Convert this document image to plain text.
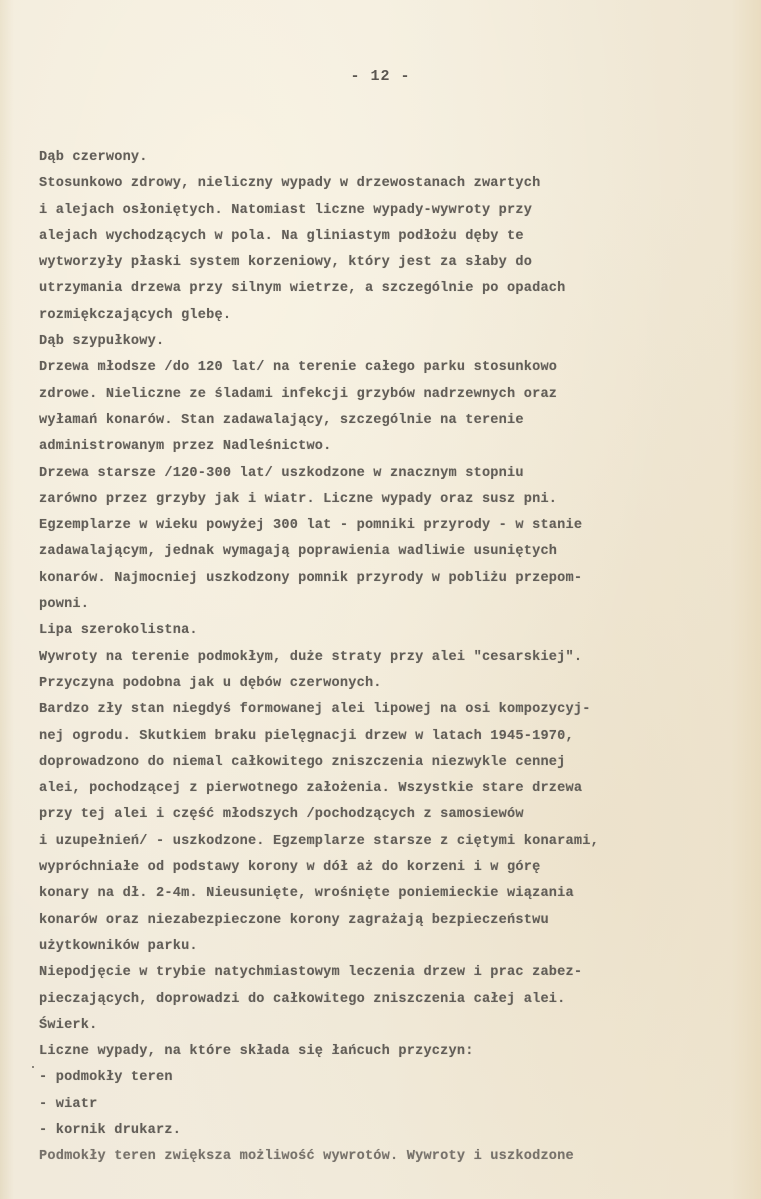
- 12 -
Dąb czerwony.
Stosunkowo zdrowy, nieliczny wypady w drzewostanach zwartych
i alejach osłoniętych. Natomiast liczne wypady-wywroty przy
alejach wychodzących w pola. Na gliniastym podłożu dęby te
wytworzyły płaski system korzeniowy, który jest za słaby do
utrzymania drzewa przy silnym wietrze, a szczególnie po opadach
rozmiękczających glebę.
Dąb szypułkowy.
Drzewa młodsze /do 120 lat/ na terenie całego parku stosunkowo
zdrowe. Nieliczne ze śladami infekcji grzybów nadrzewnych oraz
wyłamań konarów. Stan zadawalający, szczególnie na terenie
administrowanym przez Nadleśnictwo.
Drzewa starsze /120-300 lat/ uszkodzone w znacznym stopniu
zarówno przez grzyby jak i wiatr. Liczne wypady oraz susz pni.
Egzemplarze w wieku powyżej 300 lat - pomniki przyrody - w stanie
zadawalającym, jednak wymagają poprawienia wadliwie usuniętych
konarów. Najmocniej uszkodzony pomnik przyrody w pobliżu przepom-
powni.
Lipa szerokolistna.
Wywroty na terenie podmokłym, duże straty przy alei "cesarskiej".
Przyczyna podobna jak u dębów czerwonych.
Bardzo zły stan niegdyś formowanej alei lipowej na osi kompozycyj-
nej ogrodu. Skutkiem braku pielęgnacji drzew w latach 1945-1970,
doprowadzono do niemal całkowitego zniszczenia niezwykle cennej
alei, pochodzącej z pierwotnego założenia. Wszystkie stare drzewa
przy tej alei i część młodszych /pochodzących z samosiewów
i uzupełnień/ - uszkodzone. Egzemplarze starsze z ciętymi konarami,
wypróchniałe od podstawy korony w dół aż do korzeni i w górę
konary na dł. 2-4m. Nieusunięte, wrośnięte poniemieckie wiązania
konarów oraz niezabezpieczone korony zagrażają bezpieczeństwu
użytkowników parku.
Niepodjęcie w trybie natychmiastowym leczenia drzew i prac zabez-
pieczających, doprowadzi do całkowitego zniszczenia całej alei.
Świerk.
Liczne wypady, na które składa się łańcuch przyczyn:
- podmokły teren
- wiatr
- kornik drukarz.
Podmokły teren zwiększa możliwość wywrotów. Wywroty i uszkodzone
